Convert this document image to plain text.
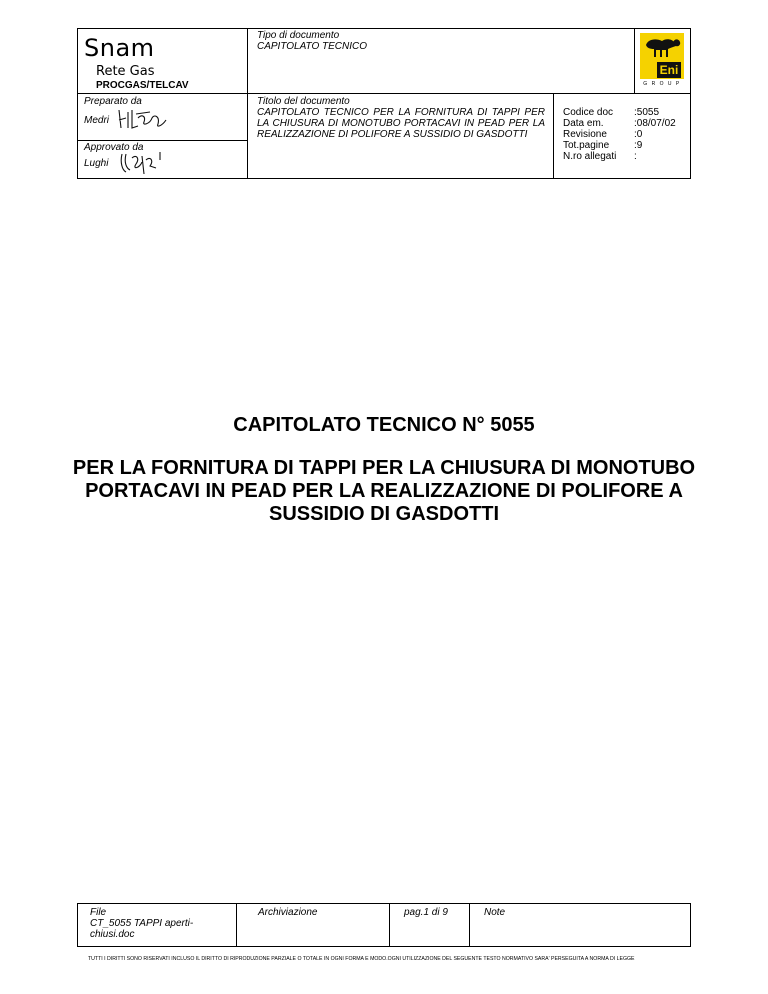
Snam
Rete Gas
PROCGAS/TELCAV
Tipo di documento
CAPITOLATO TECNICO
Eni
G R O U P
Preparato da
Medri
Approvato da
Lughi
Titolo del documento
CAPITOLATO TECNICO PER LA FORNITURA DI TAPPI PER LA CHIUSURA DI MONOTUBO PORTACAVI IN PEAD PER LA REALIZZAZIONE DI POLIFORE A SUSSIDIO DI GASDOTTI
Codice doc
Data em.
Revisione
Tot.pagine
N.ro allegati
:5055
:08/07/02
:0
:9
:
CAPITOLATO TECNICO N° 5055
PER LA FORNITURA DI TAPPI PER LA CHIUSURA DI MONOTUBO PORTACAVI IN PEAD PER LA REALIZZAZIONE DI POLIFORE A SUSSIDIO DI GASDOTTI
File
CT_5055 TAPPI aperti-chiusi.doc
Archiviazione	pag.1 di 9	Note
TUTTI I DIRITTI SONO RISERVATI INCLUSO IL DIRITTO DI RIPRODUZIONE PARZIALE O TOTALE IN OGNI FORMA E MODO.OGNI UTILIZZAZIONE DEL SEGUENTE TESTO NORMATIVO SARA' PERSEGUITA A NORMA DI LEGGE
